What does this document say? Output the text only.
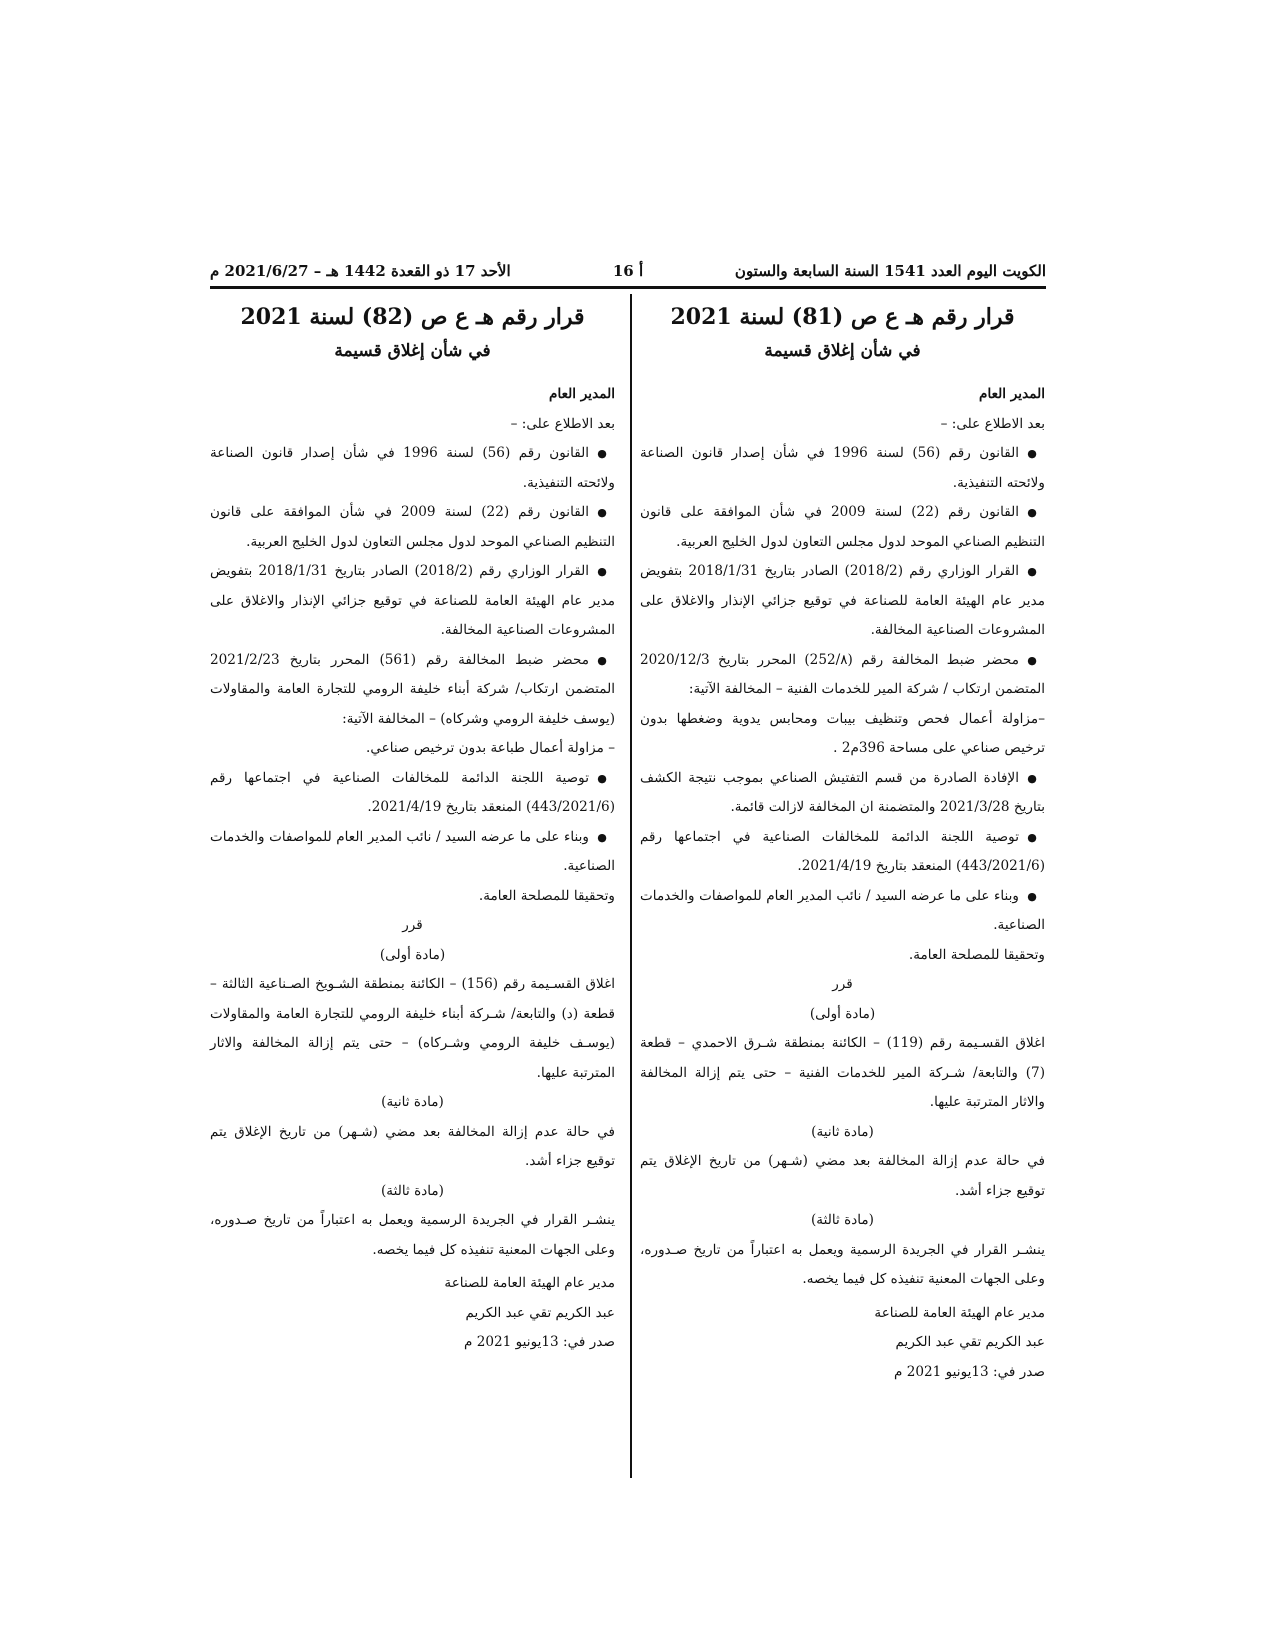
الكويت اليوم العدد 1541 السنة السابعة والستون
أ 16
الأحد 17 ذو القعدة 1442 هـ – 2021/6/27 م

قرار رقم هـ ع ص (81) لسنة 2021

في شأن إغلاق قسيمة

المدير العام

بعد الاطلاع على: –

●القانون رقم (56) لسنة 1996 في شأن إصدار قانون الصناعة ولائحته التنفيذية.

●القانون رقم (22) لسنة 2009 في شأن الموافقة على قانون التنظيم الصناعي الموحد لدول مجلس التعاون لدول الخليج العربية.

●القرار الوزاري رقم (2018/2) الصادر بتاريخ 2018/1/31 بتفويض مدير عام الهيئة العامة للصناعة في توقيع جزائي الإنذار والاغلاق على المشروعات الصناعية المخالفة.

●محضر ضبط المخالفة رقم (252/٨) المحرر بتاريخ 2020/12/3 المتضمن ارتكاب / شركة المير للخدمات الفنية – المخالفة الآتية:

–مزاولة أعمال فحص وتنظيف بيبات ومحابس يدوية وضغطها بدون ترخيص صناعي على مساحة 396م2 .

●الإفادة الصادرة من قسم التفتيش الصناعي بموجب نتيجة الكشف بتاريخ 2021/3/28 والمتضمنة ان المخالفة لازالت قائمة.

●توصية اللجنة الدائمة للمخالفات الصناعية في اجتماعها رقم (443/2021/6) المنعقد بتاريخ 2021/4/19.

●وبناء على ما عرضه السيد / نائب المدير العام للمواصفات والخدمات الصناعية.

وتحقيقا للمصلحة العامة.

قرر

(مادة أولى)

اغلاق القسـيمة رقم (119) – الكائنة بمنطقة شـرق الاحمدي – قطعة (7) والتابعة/ شـركة المير للخدمات الفنية – حتى يتم إزالة المخالفة والاثار المترتبة عليها.

(مادة ثانية)

في حالة عدم إزالة المخالفة بعد مضي (شـهر) من تاريخ الإغلاق يتم توقيع جزاء أشد.

(مادة ثالثة)

ينشـر القرار في الجريدة الرسمية ويعمل به اعتباراً من تاريخ صـدوره، وعلى الجهات المعنية تنفيذه كل فيما يخصه.

مدير عام الهيئة العامة للصناعة

عبد الكريم تقي عبد الكريم

صدر في: 13يونيو 2021 م

قرار رقم هـ ع ص (82) لسنة 2021

في شأن إغلاق قسيمة

المدير العام

بعد الاطلاع على: –

●القانون رقم (56) لسنة 1996 في شأن إصدار قانون الصناعة ولائحته التنفيذية.

●القانون رقم (22) لسنة 2009 في شأن الموافقة على قانون التنظيم الصناعي الموحد لدول مجلس التعاون لدول الخليج العربية.

●القرار الوزاري رقم (2018/2) الصادر بتاريخ 2018/1/31 بتفويض مدير عام الهيئة العامة للصناعة في توقيع جزائي الإنذار والاغلاق على المشروعات الصناعية المخالفة.

●محضر ضبط المخالفة رقم (561) المحرر بتاريخ 2021/2/23 المتضمن ارتكاب/ شركة أبناء خليفة الرومي للتجارة العامة والمقاولات (يوسف خليفة الرومي وشركاه) – المخالفة الآتية:

– مزاولة أعمال طباعة بدون ترخيص صناعي.

●توصية اللجنة الدائمة للمخالفات الصناعية في اجتماعها رقم (443/2021/6) المنعقد بتاريخ 2021/4/19.

●وبناء على ما عرضه السيد / نائب المدير العام للمواصفات والخدمات الصناعية.

وتحقيقا للمصلحة العامة.

قرر

(مادة أولى)

اغلاق القسـيمة رقم (156) – الكائنة بمنطقة الشـويخ الصـناعية الثالثة – قطعة (د) والتابعة/ شـركة أبناء خليفة الرومي للتجارة العامة والمقاولات (يوسـف خليفة الرومي وشـركاه) – حتى يتم إزالة المخالفة والاثار المترتبة عليها.

(مادة ثانية)

في حالة عدم إزالة المخالفة بعد مضي (شـهر) من تاريخ الإغلاق يتم توقيع جزاء أشد.

(مادة ثالثة)

ينشـر القرار في الجريدة الرسمية ويعمل به اعتباراً من تاريخ صـدوره، وعلى الجهات المعنية تنفيذه كل فيما يخصه.

مدير عام الهيئة العامة للصناعة

عبد الكريم تقي عبد الكريم

صدر في: 13يونيو 2021 م
